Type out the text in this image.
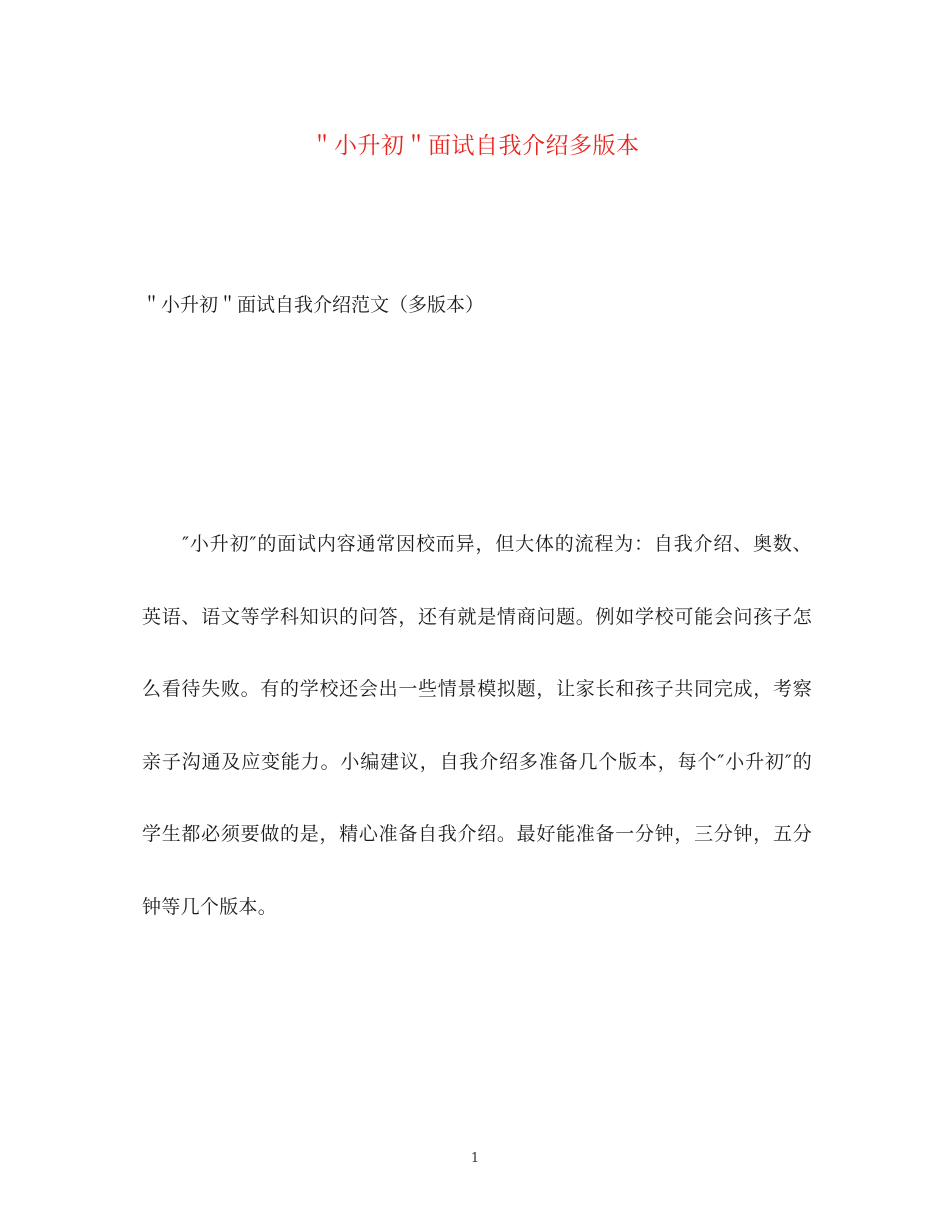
＂小升初＂面试自我介绍多版本

＂小升初＂面试自我介绍范文（多版本）

″小升初″的面试内容通常因校而异，但大体的流程为：自我介绍、奥数、英语、语文等学科知识的问答，还有就是情商问题。例如学校可能会问孩子怎么看待失败。有的学校还会出一些情景模拟题，让家长和孩子共同完成，考察亲子沟通及应变能力。小编建议，自我介绍多准备几个版本，每个″小升初″的学生都必须要做的是，精心准备自我介绍。最好能准备一分钟，三分钟，五分钟等几个版本。

1
